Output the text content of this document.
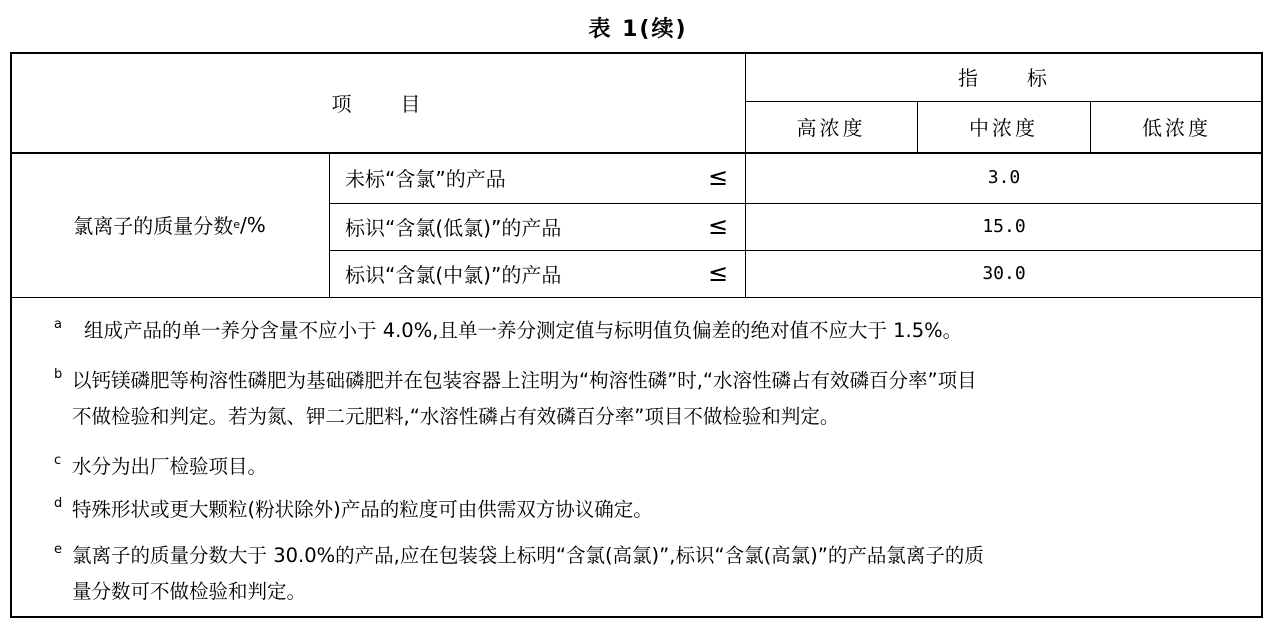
表 1(续)
项　　目
指　　标
高浓度	中浓度	低浓度
氯离子的质量分数 e /%
未标“含氯”的产品	≤	3.0
标识“含氯(低氯)”的产品	≤	15.0
标识“含氯(中氯)”的产品	≤	30.0
a	组成产品的单一养分含量不应小于 4.0%,且单一养分测定值与标明值负偏差的绝对值不应大于 1.5%。
b 以钙镁磷肥等枸溶性磷肥为基础磷肥并在包装容器上注明为“枸溶性磷”时,“水溶性磷占有效磷百分率”项目
不做检验和判定。若为氮、钾二元肥料,“水溶性磷占有效磷百分率”项目不做检验和判定。
c 水分为出厂检验项目。
d 特殊形状或更大颗粒(粉状除外)产品的粒度可由供需双方协议确定。
e 氯离子的质量分数大于 30.0%的产品,应在包装袋上标明“含氯(高氯)”,标识“含氯(高氯)”的产品氯离子的质
量分数可不做检验和判定。
